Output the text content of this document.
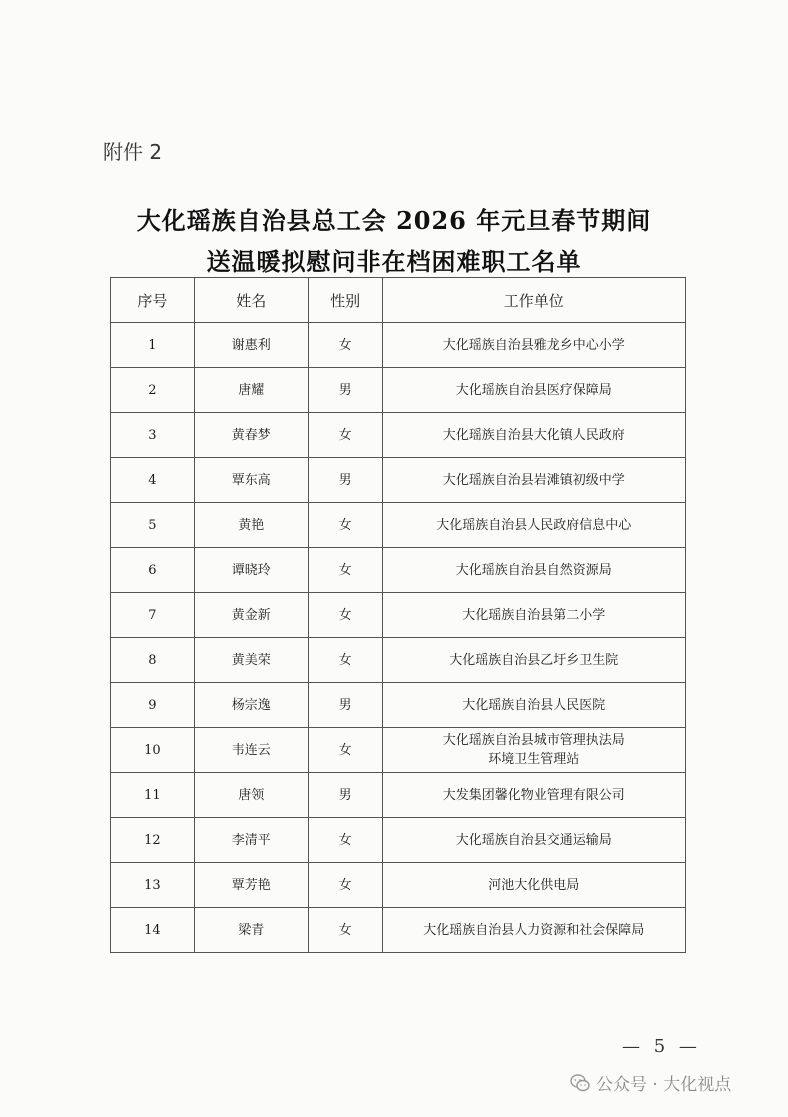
附件 2
大化瑶族自治县总工会 2026 年元旦春节期间
送温暖拟慰问非在档困难职工名单
序号	姓名	性别	工作单位
1	谢惠利	女	大化瑶族自治县雅龙乡中心小学

2	唐耀	男	大化瑶族自治县医疗保障局

3	黄春梦	女	大化瑶族自治县大化镇人民政府

4	覃东高	男	大化瑶族自治县岩滩镇初级中学

5	黄艳	女	大化瑶族自治县人民政府信息中心

6	谭晓玲	女	大化瑶族自治县自然资源局

7	黄金新	女	大化瑶族自治县第二小学

8	黄美荣	女	大化瑶族自治县乙圩乡卫生院

9	杨宗逸	男	大化瑶族自治县人民医院

10	韦连云	女	大化瑶族自治县城市管理执法局
环境卫生管理站

11	唐领	男	大发集团馨化物业管理有限公司

12	李清平	女	大化瑶族自治县交通运输局

13	覃芳艳	女	河池大化供电局

14	梁青	女	大化瑶族自治县人力资源和社会保障局
— 5 —
公众号 · 大化视点
